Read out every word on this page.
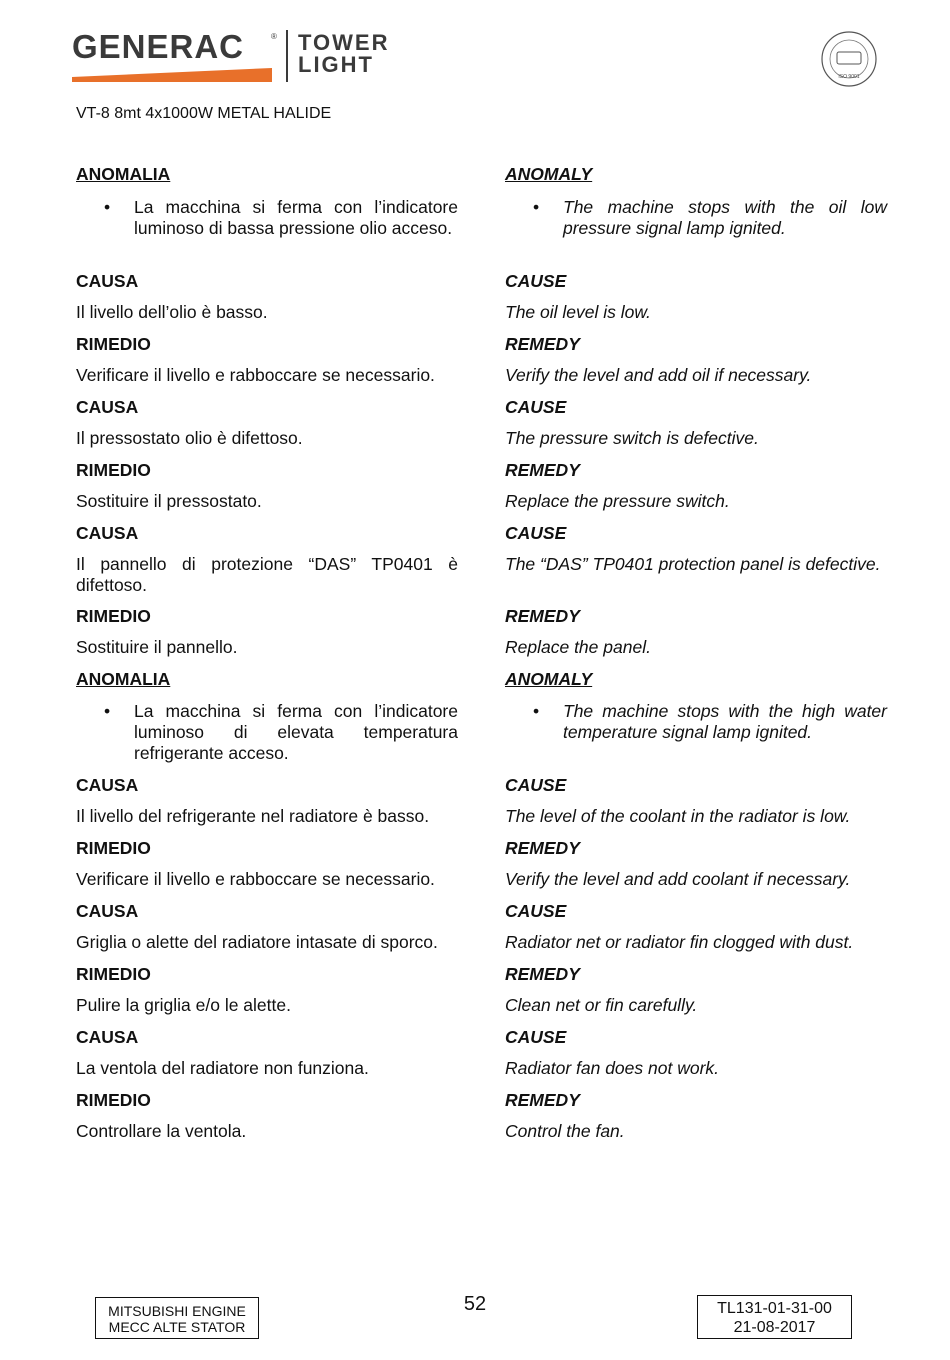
GENERAC	® TOWER
LIGHT	ISO 9001
VT-8 8mt 4x1000W METAL HALIDE
ANOMALIA
• La macchina si ferma con l’indicatore luminoso di bassa pressione olio acceso.
CAUSA
Il livello dell’olio è basso.
RIMEDIO
Verificare il livello e rabboccare se necessario.
CAUSA
Il pressostato olio è difettoso.
RIMEDIO
Sostituire il pressostato.
CAUSA
Il pannello di protezione “DAS” TP0401 è difettoso.
RIMEDIO
Sostituire il pannello.
ANOMALIA
• La macchina si ferma con l’indicatore luminoso di elevata temperatura refrigerante acceso.
CAUSA
Il livello del refrigerante nel radiatore è basso.
RIMEDIO
Verificare il livello e rabboccare se necessario.
CAUSA
Griglia o alette del radiatore intasate di sporco.
RIMEDIO
Pulire la griglia e/o le alette.
CAUSA
La ventola del radiatore non funziona.
RIMEDIO
Controllare la ventola.
ANOMALY
• The machine stops with the oil low pressure signal lamp ignited.
CAUSE
The oil level is low.
REMEDY
Verify the level and add oil if necessary.
CAUSE
The pressure switch is defective.
REMEDY
Replace the pressure switch.
CAUSE
The “DAS” TP0401 protection panel is defective.
REMEDY
Replace the panel.
ANOMALY
• The machine stops with the high water temperature signal lamp ignited.
CAUSE
The level of the coolant in the radiator is low.
REMEDY
Verify the level and add coolant if necessary.
CAUSE
Radiator net or radiator fin clogged with dust.
REMEDY
Clean net or fin carefully.
CAUSE
Radiator fan does not work.
REMEDY
Control the fan.
MITSUBISHI ENGINE
MECC ALTE STATOR
52	TL131-01-31-00
21-08-2017
